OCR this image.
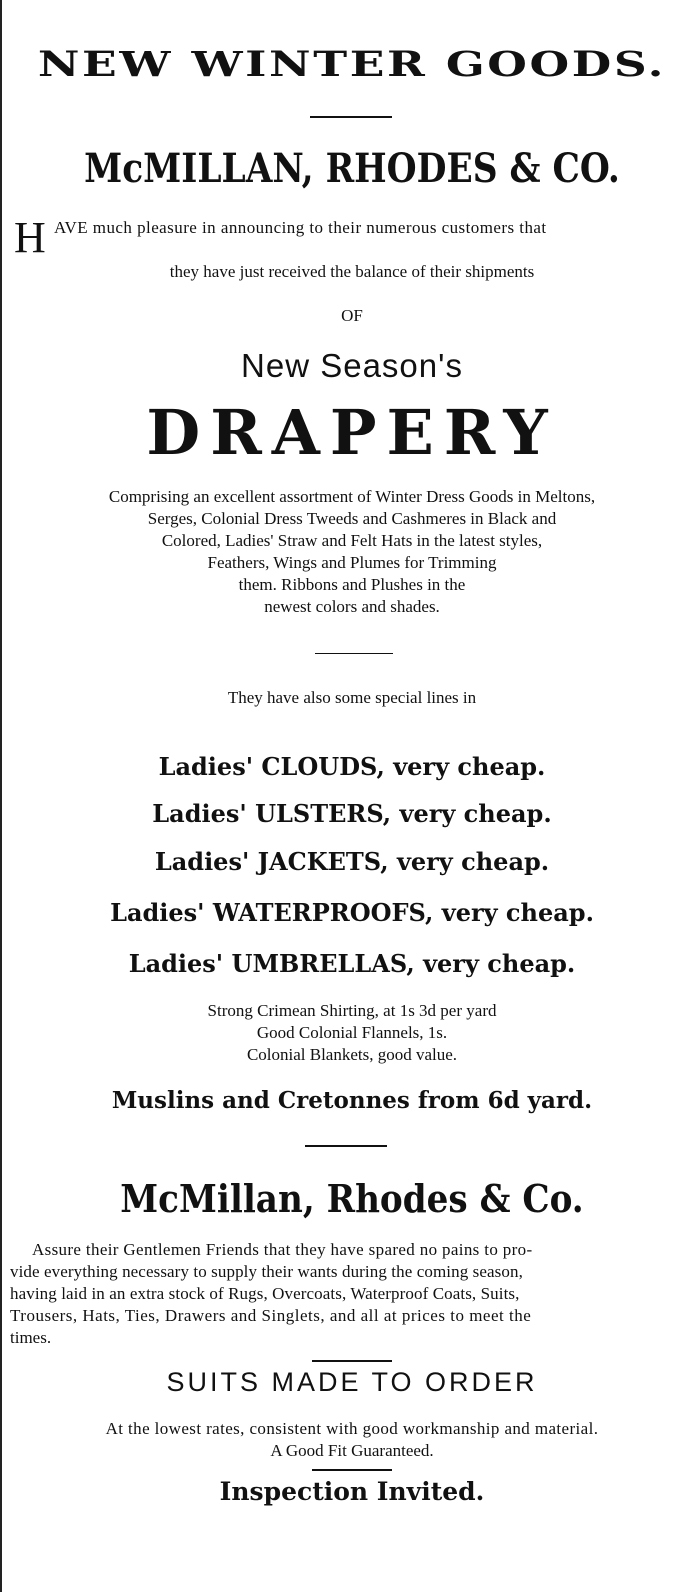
NEW WINTER GOODS.
McMILLAN, RHODES & CO.
H AVE much pleasure in announcing to their numerous customers that
they have just received the balance of their shipments
OF
New Season's
DRAPERY
Comprising an excellent assortment of Winter Dress Goods in Meltons,
Serges, Colonial Dress Tweeds and Cashmeres in Black and
Colored, Ladies' Straw and Felt Hats in the latest styles,
Feathers, Wings and Plumes for Trimming
them. Ribbons and Plushes in the
newest colors and shades.
They have also some special lines in
Ladies' CLOUDS, very cheap.
Ladies' ULSTERS, very cheap.
Ladies' JACKETS, very cheap.
Ladies' WATERPROOFS, very cheap.
Ladies' UMBRELLAS, very cheap.
Strong Crimean Shirting, at 1s 3d per yard
Good Colonial Flannels, 1s.
Colonial Blankets, good value.
Muslins and Cretonnes from 6d yard.
McMillan, Rhodes & Co.
Assure their Gentlemen Friends that they have spared no pains to pro-
vide everything necessary to supply their wants during the coming season,
having laid in an extra stock of Rugs, Overcoats, Waterproof Coats, Suits,
Trousers, Hats, Ties, Drawers and Singlets, and all at prices to meet the
times.
SUITS MADE TO ORDER
At the lowest rates, consistent with good workmanship and material.
A Good Fit Guaranteed.
Inspection Invited.
